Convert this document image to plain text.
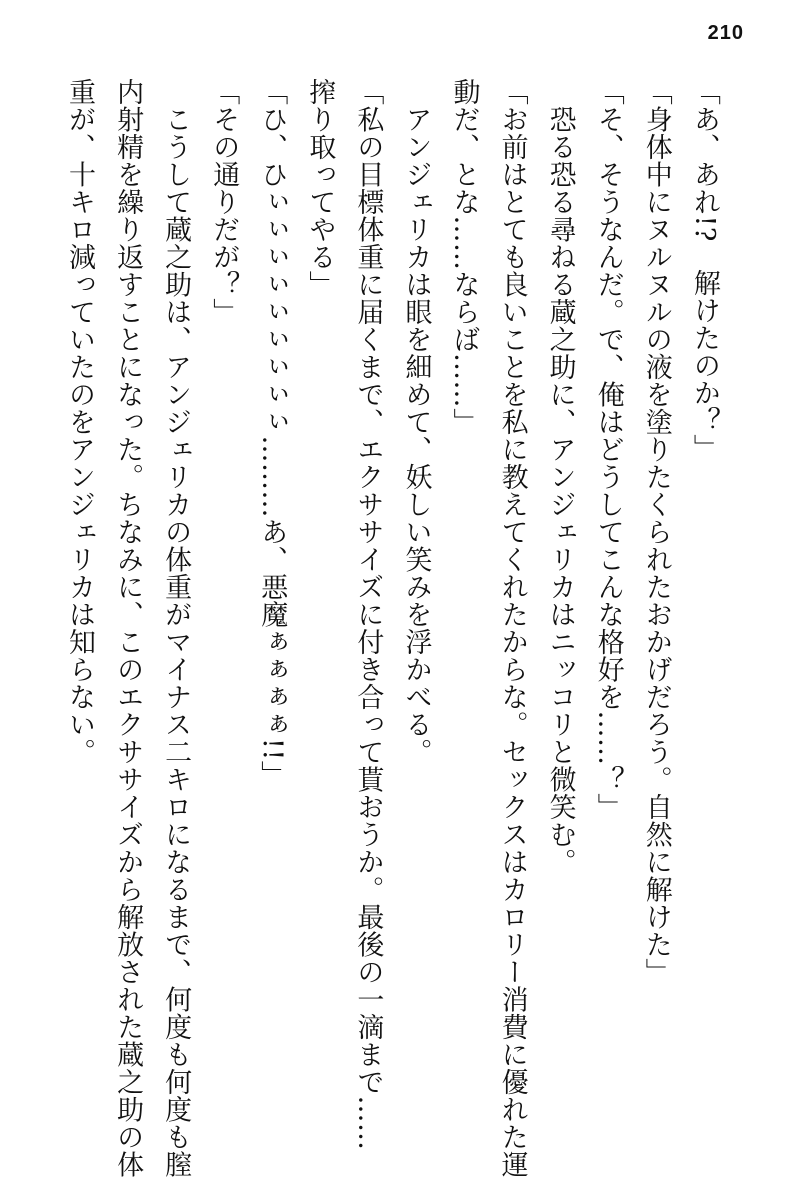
210
「あ、あれ!?　解けたのか？」
「身体中にヌルヌルの液を塗りたくられたおかげだろう。自然に解けた」
「そ、そうなんだ。で、俺はどうしてこんな格好を……？」
　恐る恐る尋ねる蔵之助に、アンジェリカはニッコリと微笑む。
「お前はとても良いことを私に教えてくれたからな。セックスはカロリー消費に優れた運
動だ、とな……ならば……」
　アンジェリカは眼を細めて、妖しい笑みを浮かべる。
「私の目標体重に届くまで、エクササイズに付き合って貰おうか。最後の一滴まで……
搾り取ってやる」
「ひ、ひぃぃぃぃぃぃぃぃぃ………あ、悪魔ぁぁぁぁ!!」
「その通りだが？」
　こうして蔵之助は、アンジェリカの体重がマイナス二キロになるまで、何度も何度も膣
内射精を繰り返すことになった。ちなみに、このエクササイズから解放された蔵之助の体
重が、十キロ減っていたのをアンジェリカは知らない。
